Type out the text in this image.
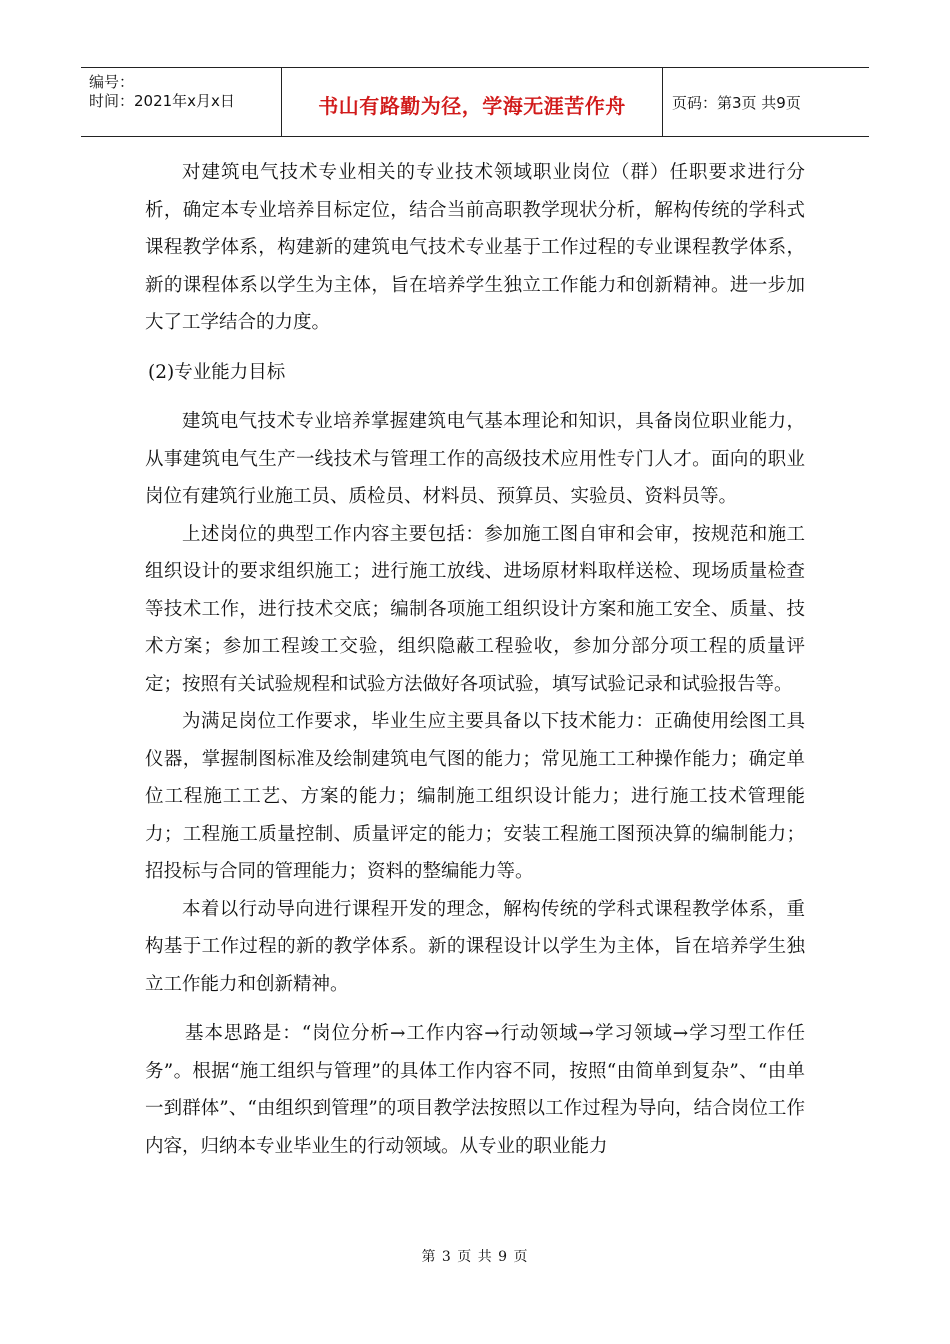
编号：
时间：2021年x月x日	书山有路勤为径，学海无涯苦作舟	页码：第3页 共9页

对建筑电气技术专业相关的专业技术领域职业岗位（群）任职要求进行分析，确定本专业培养目标定位，结合当前高职教学现状分析，解构传统的学科式课程教学体系，构建新的建筑电气技术专业基于工作过程的专业课程教学体系，新的课程体系以学生为主体，旨在培养学生独立工作能力和创新精神。进一步加大了工学结合的力度。

(2)专业能力目标

建筑电气技术专业培养掌握建筑电气基本理论和知识，具备岗位职业能力，从事建筑电气生产一线技术与管理工作的高级技术应用性专门人才。面向的职业岗位有建筑行业施工员、质检员、材料员、预算员、实验员、资料员等。

上述岗位的典型工作内容主要包括：参加施工图自审和会审，按规范和施工组织设计的要求组织施工；进行施工放线、进场原材料取样送检、现场质量检查等技术工作，进行技术交底；编制各项施工组织设计方案和施工安全、质量、技术方案；参加工程竣工交验，组织隐蔽工程验收，参加分部分项工程的质量评定；按照有关试验规程和试验方法做好各项试验，填写试验记录和试验报告等。

为满足岗位工作要求，毕业生应主要具备以下技术能力：正确使用绘图工具仪器，掌握制图标准及绘制建筑电气图的能力；常见施工工种操作能力；确定单位工程施工工艺、方案的能力；编制施工组织设计能力；进行施工技术管理能力；工程施工质量控制、质量评定的能力；安装工程施工图预决算的编制能力；招投标与合同的管理能力；资料的整编能力等。

本着以行动导向进行课程开发的理念，解构传统的学科式课程教学体系，重构基于工作过程的新的教学体系。新的课程设计以学生为主体，旨在培养学生独立工作能力和创新精神。

基本思路是：“岗位分析→工作内容→行动领域→学习领域→学习型工作任务”。根据“施工组织与管理”的具体工作内容不同，按照“由简单到复杂”、“由单一到群体”、“由组织到管理”的项目教学法按照以工作过程为导向，结合岗位工作内容，归纳本专业毕业生的行动领域。从专业的职业能力

第 3 页 共 9 页
